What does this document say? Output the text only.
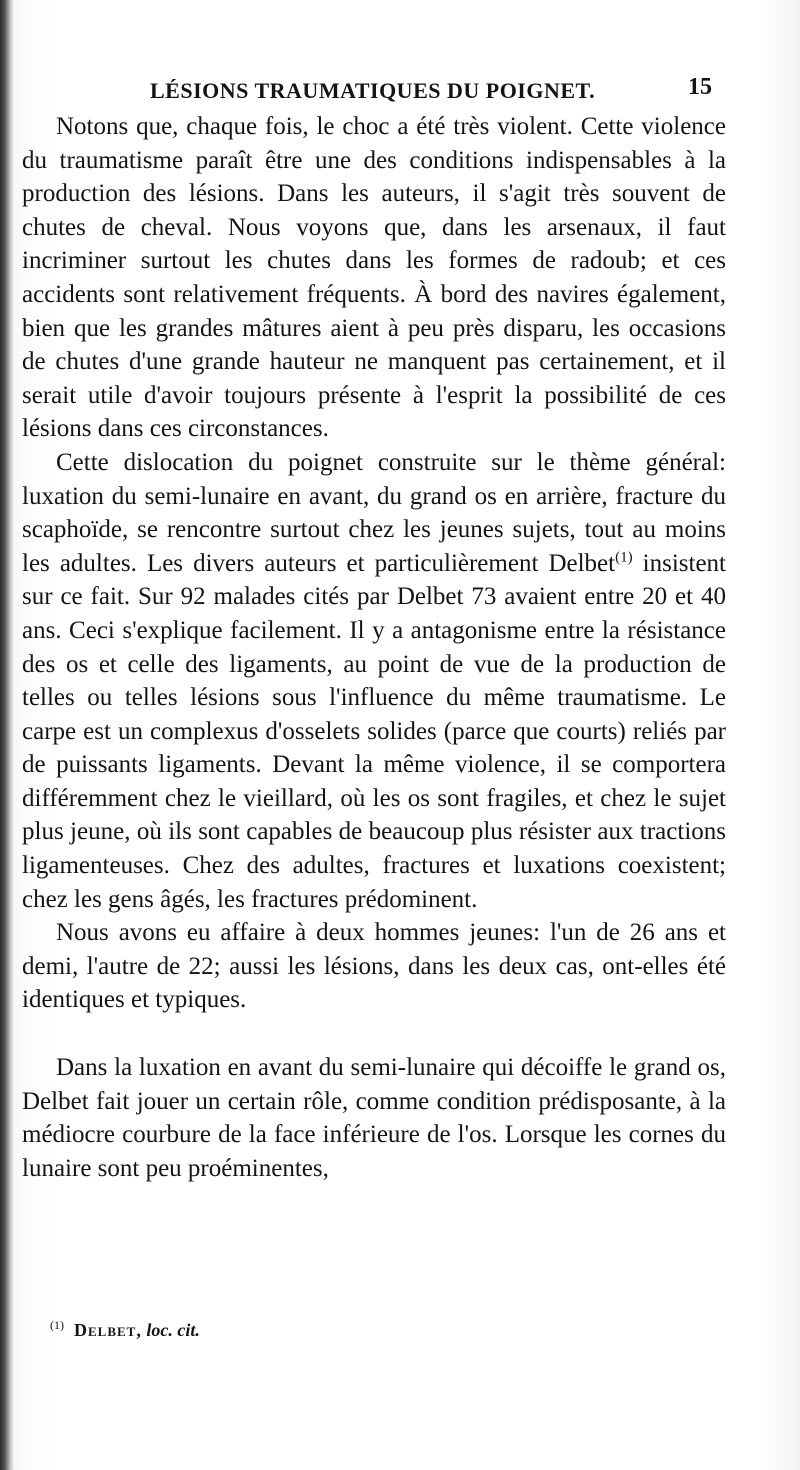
LÉSIONS TRAUMATIQUES DU POIGNET.	15

Notons que, chaque fois, le choc a été très violent. Cette violence du traumatisme paraît être une des conditions indispensables à la production des lésions. Dans les auteurs, il s'agit très souvent de chutes de cheval. Nous voyons que, dans les arsenaux, il faut incriminer surtout les chutes dans les formes de radoub; et ces accidents sont relativement fréquents. À bord des navires également, bien que les grandes mâtures aient à peu près disparu, les occasions de chutes d'une grande hauteur ne manquent pas certainement, et il serait utile d'avoir toujours présente à l'esprit la possibilité de ces lésions dans ces circonstances.

Cette dislocation du poignet construite sur le thème général: luxation du semi-lunaire en avant, du grand os en arrière, fracture du scaphoïde, se rencontre surtout chez les jeunes sujets, tout au moins les adultes. Les divers auteurs et particulièrement Delbet$^{(1)}$ insistent sur ce fait. Sur 92 malades cités par Delbet 73 avaient entre 20 et 40 ans. Ceci s'explique facilement. Il y a antagonisme entre la résistance des os et celle des ligaments, au point de vue de la production de telles ou telles lésions sous l'influence du même traumatisme. Le carpe est un complexus d'osselets solides (parce que courts) reliés par de puissants ligaments. Devant la même violence, il se comportera différemment chez le vieillard, où les os sont fragiles, et chez le sujet plus jeune, où ils sont capables de beaucoup plus résister aux tractions ligamenteuses. Chez des adultes, fractures et luxations coexistent; chez les gens âgés, les fractures prédominent.

Nous avons eu affaire à deux hommes jeunes: l'un de 26 ans et demi, l'autre de 22; aussi les lésions, dans les deux cas, ont-elles été identiques et typiques.

Dans la luxation en avant du semi-lunaire qui décoiffe le grand os, Delbet fait jouer un certain rôle, comme condition prédisposante, à la médiocre courbure de la face inférieure de l'os. Lorsque les cornes du lunaire sont peu proéminentes,

$^{(1)}$ Delbet, loc. cit.
